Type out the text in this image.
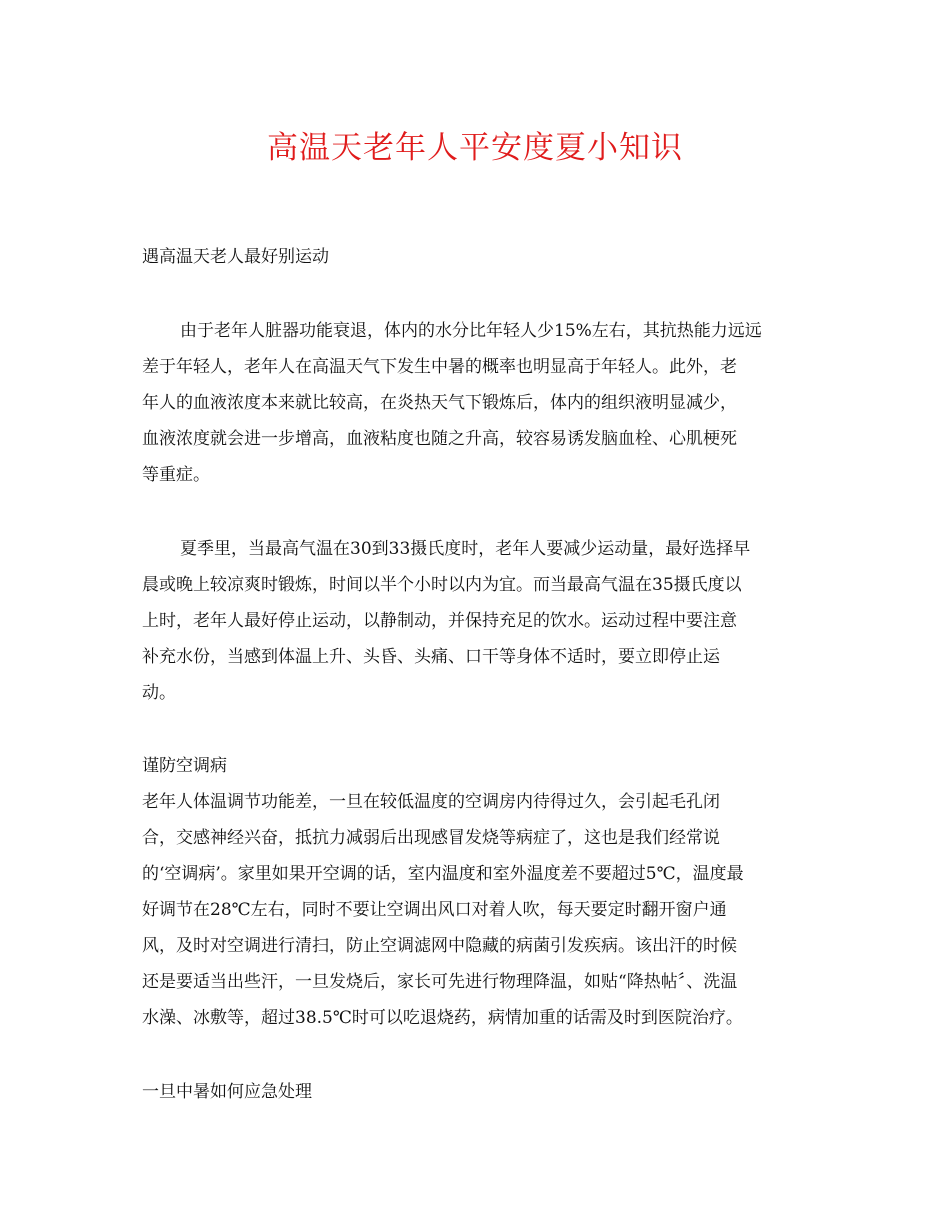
高温天老年人平安度夏小知识
遇高温天老人最好别运动
由于老年人脏器功能衰退，体内的水分比年轻人少15%左右，其抗热能力远远
差于年轻人，老年人在高温天气下发生中暑的概率也明显高于年轻人。此外，老
年人的血液浓度本来就比较高，在炎热天气下锻炼后，体内的组织液明显减少，
血液浓度就会进一步增高，血液粘度也随之升高，较容易诱发脑血栓、心肌梗死
等重症。
夏季里，当最高气温在30到33摄氏度时，老年人要减少运动量，最好选择早
晨或晚上较凉爽时锻炼，时间以半个小时以内为宜。而当最高气温在35摄氏度以
上时，老年人最好停止运动，以静制动，并保持充足的饮水。运动过程中要注意
补充水份，当感到体温上升、头昏、头痛、口干等身体不适时，要立即停止运
动。
谨防空调病
老年人体温调节功能差，一旦在较低温度的空调房内待得过久，会引起毛孔闭
合，交感神经兴奋，抵抗力减弱后出现感冒发烧等病症了，这也是我们经常说
的‘空调病’。家里如果开空调的话，室内温度和室外温度差不要超过5℃，温度最
好调节在28℃左右，同时不要让空调出风口对着人吹，每天要定时翻开窗户通
风，及时对空调进行清扫，防止空调滤网中隐藏的病菌引发疾病。该出汗的时候
还是要适当出些汗，一旦发烧后，家长可先进行物理降温，如贴“降热帖〞、洗温
水澡、冰敷等，超过38.5℃时可以吃退烧药，病情加重的话需及时到医院治疗。
一旦中暑如何应急处理
